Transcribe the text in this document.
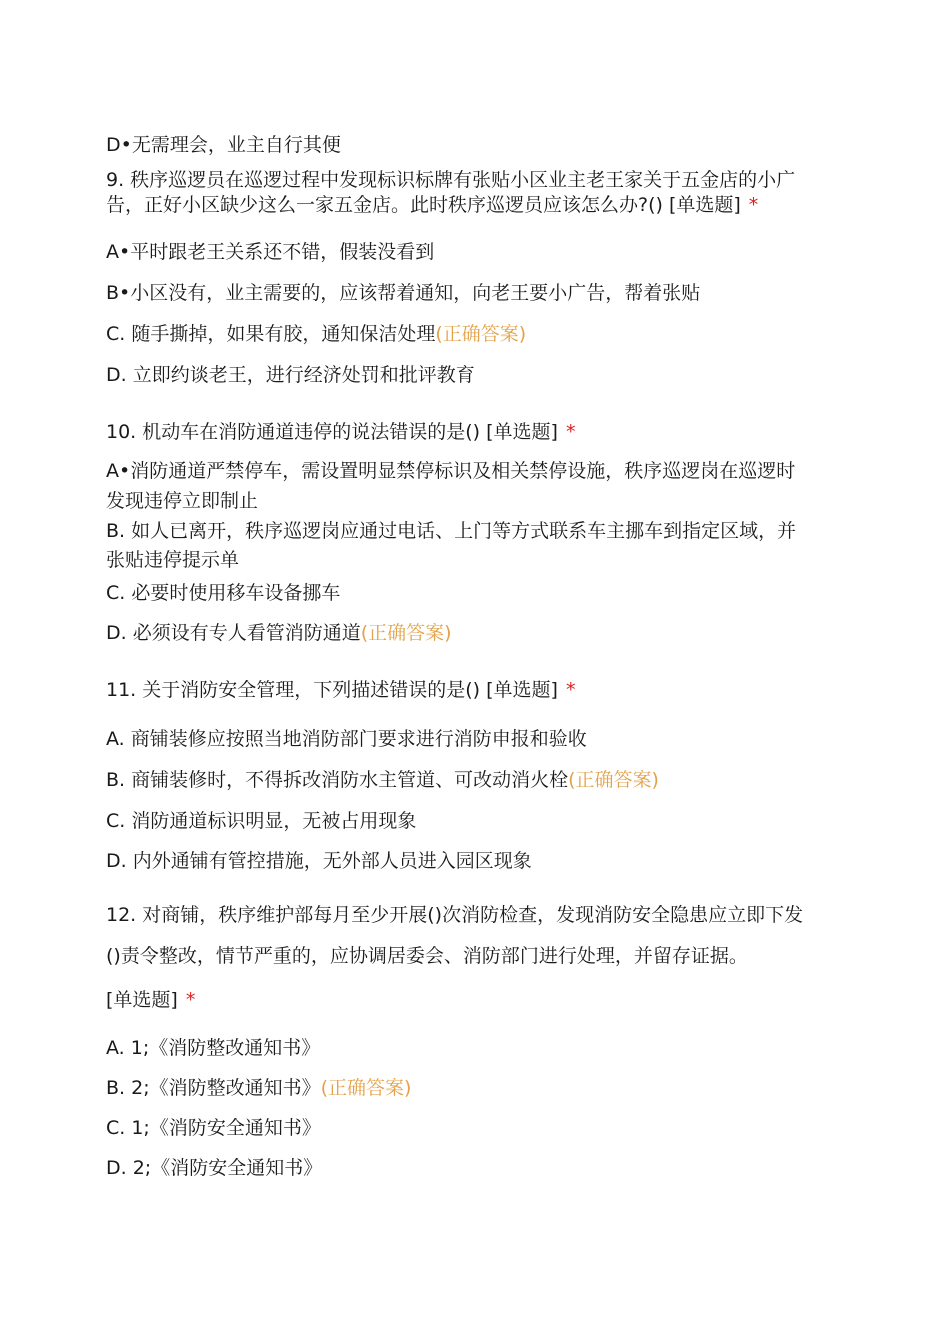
D•无需理会，业主自行其便
9. 秩序巡逻员在巡逻过程中发现标识标牌有张贴小区业主老王家关于五金店的小广
告，正好小区缺少这么一家五金店。此时秩序巡逻员应该怎么办?() [单选题] *
A•平时跟老王关系还不错，假装没看到
B•小区没有，业主需要的，应该帮着通知，向老王要小广告，帮着张贴
C. 随手撕掉，如果有胶，通知保洁处理(正确答案)
D. 立即约谈老王，进行经济处罚和批评教育
10. 机动车在消防通道违停的说法错误的是() [单选题] *
A•消防通道严禁停车，需设置明显禁停标识及相关禁停设施，秩序巡逻岗在巡逻时
发现违停立即制止
B. 如人已离开，秩序巡逻岗应通过电话、上门等方式联系车主挪车到指定区域，并
张贴违停提示单
C. 必要时使用移车设备挪车
D. 必须设有专人看管消防通道(正确答案)
11. 关于消防安全管理，下列描述错误的是() [单选题] *
A. 商铺装修应按照当地消防部门要求进行消防申报和验收
B. 商铺装修时，不得拆改消防水主管道、可改动消火栓(正确答案)
C. 消防通道标识明显，无被占用现象
D. 内外通铺有管控措施，无外部人员进入园区现象
12. 对商铺，秩序维护部每月至少开展()次消防检查，发现消防安全隐患应立即下发
()责令整改，情节严重的，应协调居委会、消防部门进行处理，并留存证据。
[单选题] *
A. 1;《消防整改通知书》
B. 2;《消防整改通知书》(正确答案)
C. 1;《消防安全通知书》
D. 2;《消防安全通知书》
